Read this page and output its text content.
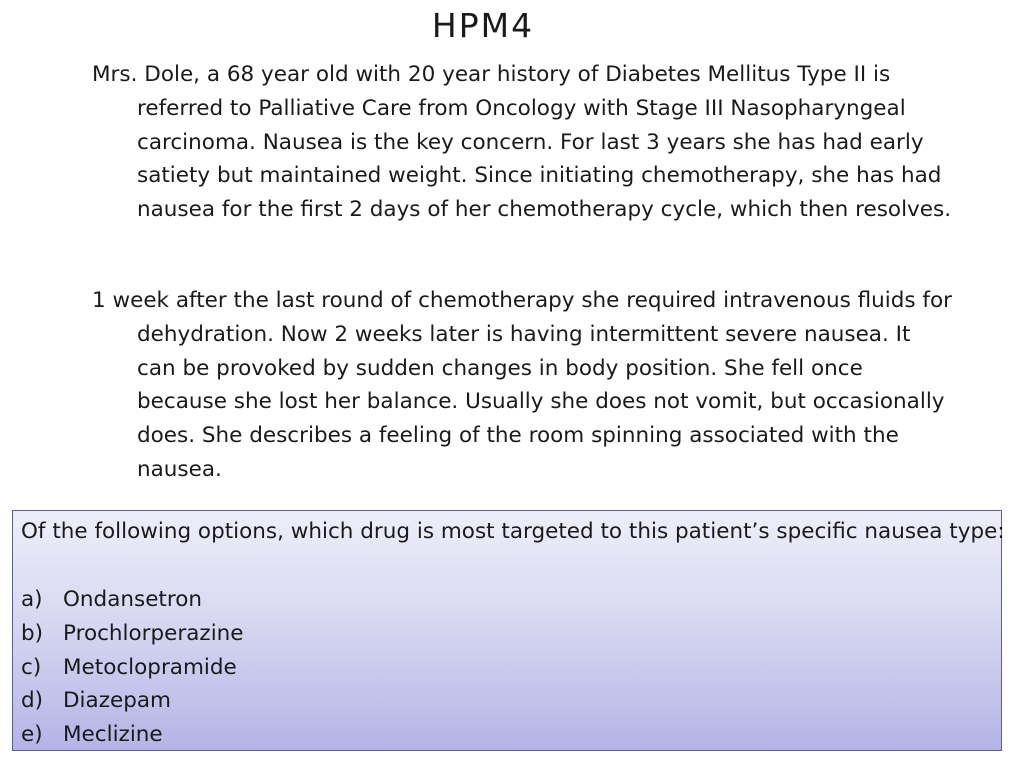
HPM4
Mrs. Dole, a 68 year old with 20 year history of Diabetes Mellitus Type II is referred to Palliative Care from Oncology with Stage III Nasopharyngeal carcinoma. Nausea is the key concern. For last 3 years she has had early satiety but maintained weight. Since initiating chemotherapy, she has had nausea for the first 2 days of her chemotherapy cycle, which then resolves.
1 week after the last round of chemotherapy she required intravenous fluids for dehydration. Now 2 weeks later is having intermittent severe nausea. It can be provoked by sudden changes in body position. She fell once because she lost her balance. Usually she does not vomit, but occasionally does. She describes a feeling of the room spinning associated with the nausea.
Of the following options, which drug is most targeted to this patient’s specific nausea type:
a) Ondansetron
b) Prochlorperazine
c)	Metoclopramide
d) Diazepam
e) Meclizine
